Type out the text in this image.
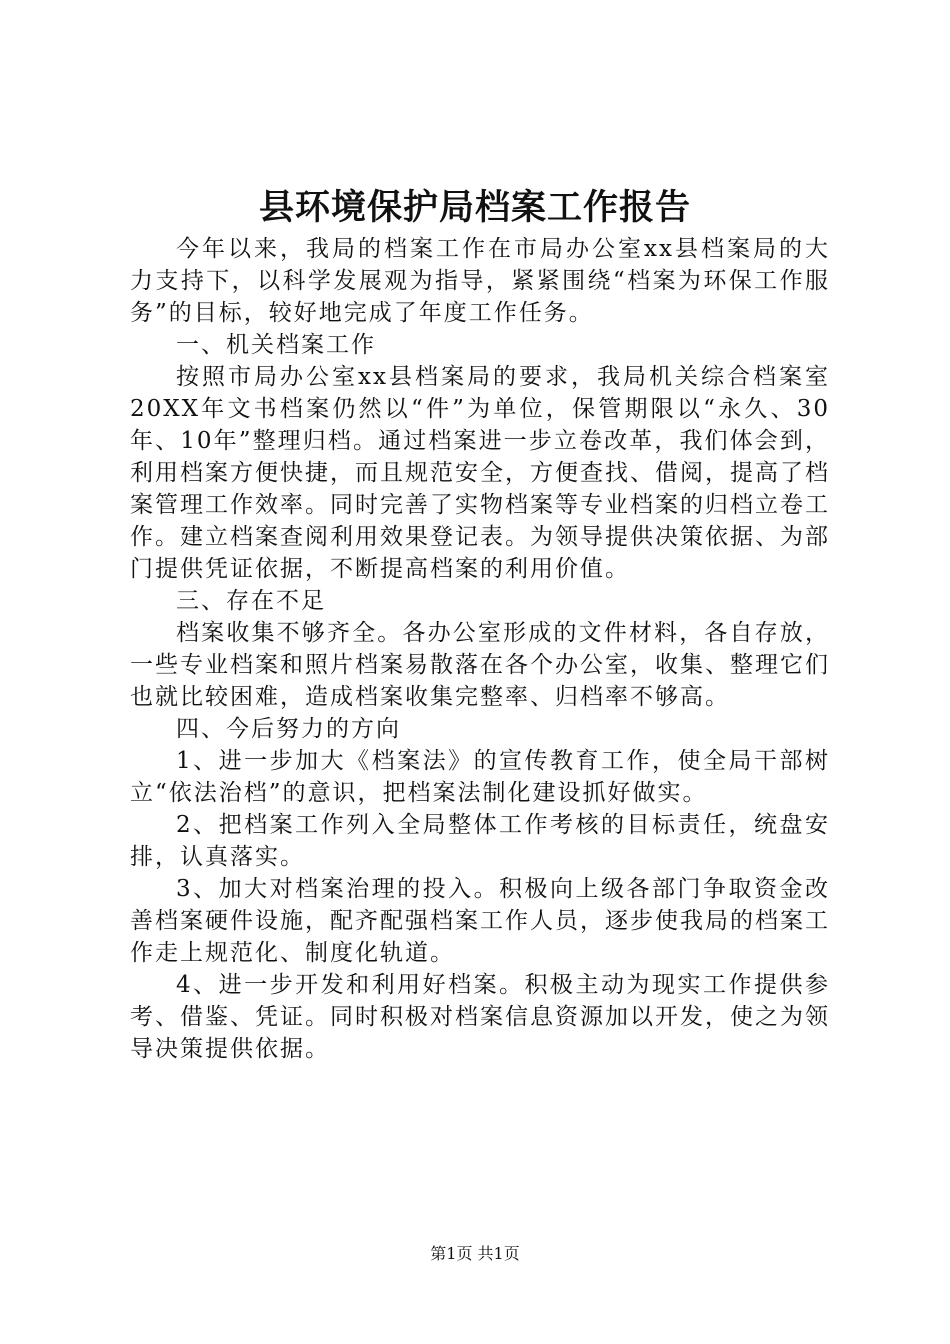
县环境保护局档案工作报告

今年以来，我局的档案工作在市局办公室xx县档案局的大力支持下，以科学发展观为指导，紧紧围绕“档案为环保工作服务”的目标，较好地完成了年度工作任务。

一、机关档案工作

按照市局办公室xx县档案局的要求，我局机关综合档案室20XX年文书档案仍然以“件”为单位，保管期限以“永久、30年、10年”整理归档。通过档案进一步立卷改革，我们体会到，利用档案方便快捷，而且规范安全，方便查找、借阅，提高了档案管理工作效率。同时完善了实物档案等专业档案的归档立卷工作。建立档案查阅利用效果登记表。为领导提供决策依据、为部门提供凭证依据，不断提高档案的利用价值。

三、存在不足

档案收集不够齐全。各办公室形成的文件材料，各自存放，一些专业档案和照片档案易散落在各个办公室，收集、整理它们也就比较困难，造成档案收集完整率、归档率不够高。

四、今后努力的方向

1、进一步加大《档案法》的宣传教育工作，使全局干部树立“依法治档”的意识，把档案法制化建设抓好做实。

2、把档案工作列入全局整体工作考核的目标责任，统盘安排，认真落实。

3、加大对档案治理的投入。积极向上级各部门争取资金改善档案硬件设施，配齐配强档案工作人员，逐步使我局的档案工作走上规范化、制度化轨道。

4、进一步开发和利用好档案。积极主动为现实工作提供参考、借鉴、凭证。同时积极对档案信息资源加以开发，使之为领导决策提供依据。

第1页 共1页
